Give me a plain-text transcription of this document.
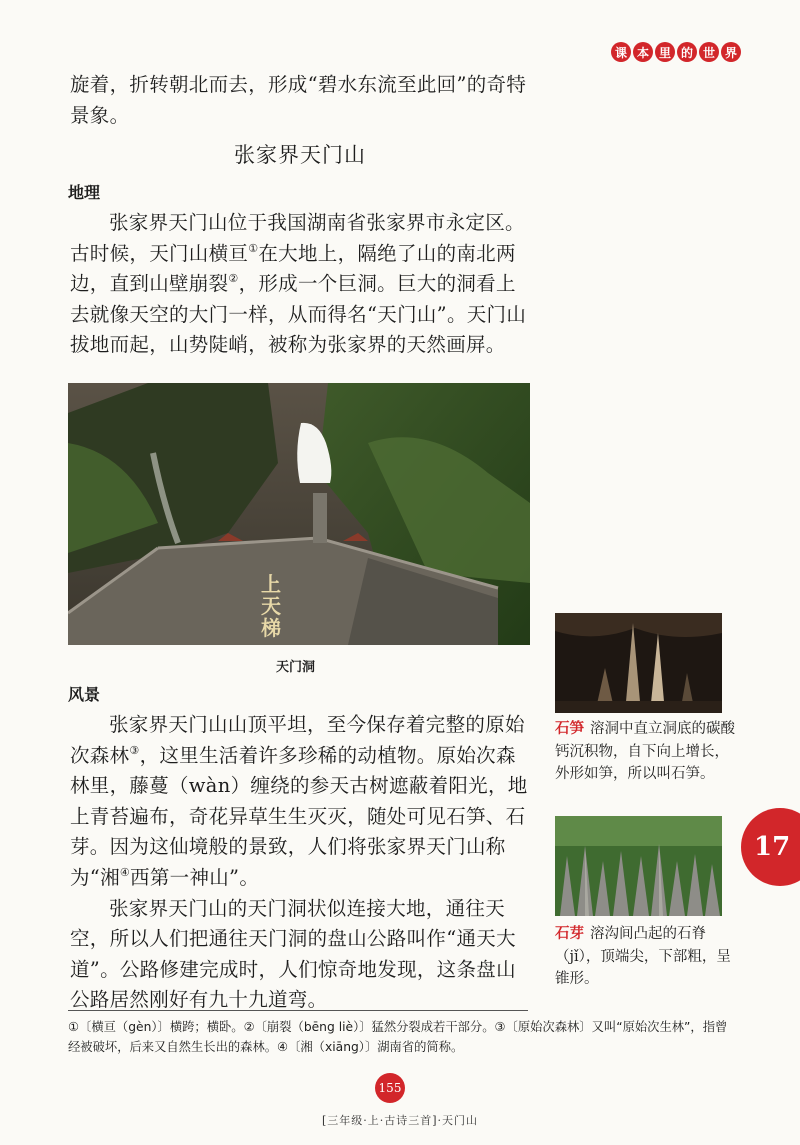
课 本 里 的 世 界

旋着，折转朝北而去，形成“碧水东流至此回”的奇特景象。

张家界天门山
地理

张家界天门山位于我国湖南省张家界市永定区。古时候，天门山横亘①在大地上，隔绝了山的南北两边，直到山壁崩裂②，形成一个巨洞。巨大的洞看上去就像天空的大门一样，从而得名“天门山”。天门山拔地而起，山势陡峭，被称为张家界的天然画屏。

上天梯
天门洞
风景

张家界天门山山顶平坦，至今保存着完整的原始次森林③，这里生活着许多珍稀的动植物。原始次森林里，藤蔓（wàn）缠绕的参天古树遮蔽着阳光，地上青苔遍布，奇花异草生生灭灭，随处可见石笋、石芽。因为这仙境般的景致，人们将张家界天门山称为“湘④西第一神山”。

张家界天门山的天门洞状似连接大地，通往天空，所以人们把通往天门洞的盘山公路叫作“通天大道”。公路修建完成时，人们惊奇地发现，这条盘山公路居然刚好有九十九道弯。

石笋 溶洞中直立洞底的碳酸钙沉积物，自下向上增长，外形如笋，所以叫石笋。
石芽 溶沟间凸起的石脊（jǐ），顶端尖，下部粗，呈锥形。
17
①〔横亘（gèn）〕横跨；横卧。②〔崩裂（bēng liè）〕猛然分裂成若干部分。③〔原始次森林〕又叫“原始次生林”，指曾经被破坏，后来又自然生长出的森林。④〔湘（xiāng）〕湖南省的简称。
155
[三年级·上·古诗三首]·天门山
